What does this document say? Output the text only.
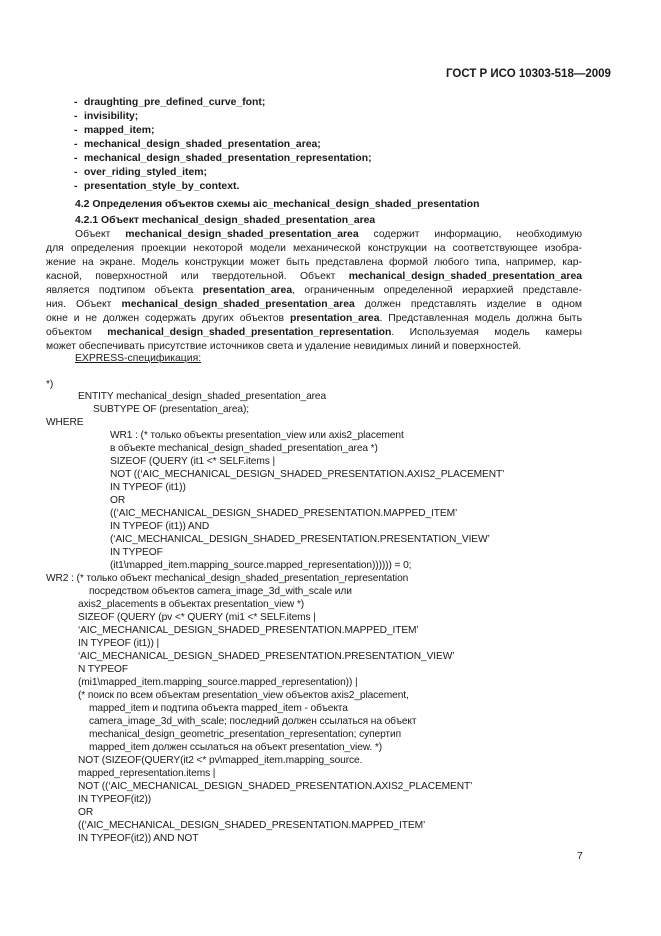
ГОСТ Р ИСО 10303-518—2009
- draughting_pre_defined_curve_font;
- invisibility;
- mapped_item;
- mechanical_design_shaded_presentation_area;
- mechanical_design_shaded_presentation_representation;
- over_riding_styled_item;
- presentation_style_by_context.
4.2 Определения объектов схемы aic_mechanical_design_shaded_presentation
4.2.1 Объект mechanical_design_shaded_presentation_area
Объект mechanical_design_shaded_presentation_area содержит информацию, необходимую
для определения проекции некоторой модели механической конструкции на соответствующее изобра-
жение на экране. Модель конструкции может быть представлена формой любого типа, например, кар-
касной, поверхностной или твердотельной. Объект mechanical_design_shaded_presentation_area
является подтипом объекта presentation_area, ограниченным определенной иерархией представле-
ния. Объект mechanical_design_shaded_presentation_area должен представлять изделие в одном
окне и не должен содержать других объектов presentation_area. Представленная модель должна быть
объектом mechanical_design_shaded_presentation_representation. Используемая модель камеры
может обеспечивать присутствие источников света и удаление невидимых линий и поверхностей.
EXPRESS-спецификация:
*)
ENTITY mechanical_design_shaded_presentation_area
SUBTYPE OF (presentation_area);
WHERE
WR1 : (* только объекты presentation_view или axis2_placement
в объекте mechanical_design_shaded_presentation_area *)
SIZEOF (QUERY (it1 <* SELF.items |
NOT ((‘AIC_MECHANICAL_DESIGN_SHADED_PRESENTATION.AXIS2_PLACEMENT’
IN TYPEOF (it1))
OR
((‘AIC_MECHANICAL_DESIGN_SHADED_PRESENTATION.MAPPED_ITEM’
IN TYPEOF (it1)) AND
(‘AIC_MECHANICAL_DESIGN_SHADED_PRESENTATION.PRESENTATION_VIEW’
IN TYPEOF
(it1\mapped_item.mapping_source.mapped_representation)))))) = 0;
WR2 : (* только объект mechanical_design_shaded_presentation_representation
посредством объектов camera_image_3d_with_scale или
axis2_placements в объектах presentation_view *)
SIZEOF (QUERY (pv <* QUERY (mi1 <* SELF.items |
‘AIC_MECHANICAL_DESIGN_SHADED_PRESENTATION.MAPPED_ITEM’
IN TYPEOF (it1)) |
‘AIC_MECHANICAL_DESIGN_SHADED_PRESENTATION.PRESENTATION_VIEW’
N TYPEOF
(mi1\mapped_item.mapping_source.mapped_representation)) |
(* поиск по всем объектам presentation_view объектов axis2_placement,
mapped_item и подтипа объекта mapped_item - объекта
camera_image_3d_with_scale; последний должен ссылаться на объект
mechanical_design_geometric_presentation_representation; супертип
mapped_item должен ссылаться на объект presentation_view. *)
NOT (SIZEOF(QUERY(it2 <* pv\mapped_item.mapping_source.
mapped_representation.items |
NOT ((‘AIC_MECHANICAL_DESIGN_SHADED_PRESENTATION.AXIS2_PLACEMENT’
IN TYPEOF(it2))
OR
((‘AIC_MECHANICAL_DESIGN_SHADED_PRESENTATION.MAPPED_ITEM’
IN TYPEOF(it2)) AND NOT
7
